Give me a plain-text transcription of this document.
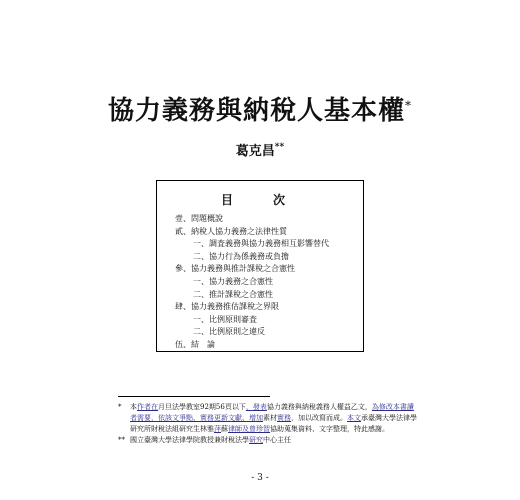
協力義務與納稅人基本權*
葛克昌**
目　次
壹、問題概說
貳、納稅人協力義務之法律性質
一、調査義務與協力義務相互影響替代
二、協力行為係義務或負擔
參、協力義務與推計課稅之合憲性
一、協力義務之合憲性
二、推計課稅之合憲性
肆、協力義務推估課稅之界限
一、比例原則審査
二、比例原則之違反
伍、結　論
* 本作者在月旦法學教室92期56頁以下，發表協力義務與納稅義務人權益乙文，為修改本書讀者需要，依該文爭點、實務更新文獻、增加素材實務，加以改寫而成。本文承臺灣大學法律學研究所財稅法組研究生林雅萍蘇律師及曾珍智協助蒐集資料、文字整理，特此感謝。
** 國立臺灣大學法律學院教授兼財稅法學研究中心主任
- 3 -
